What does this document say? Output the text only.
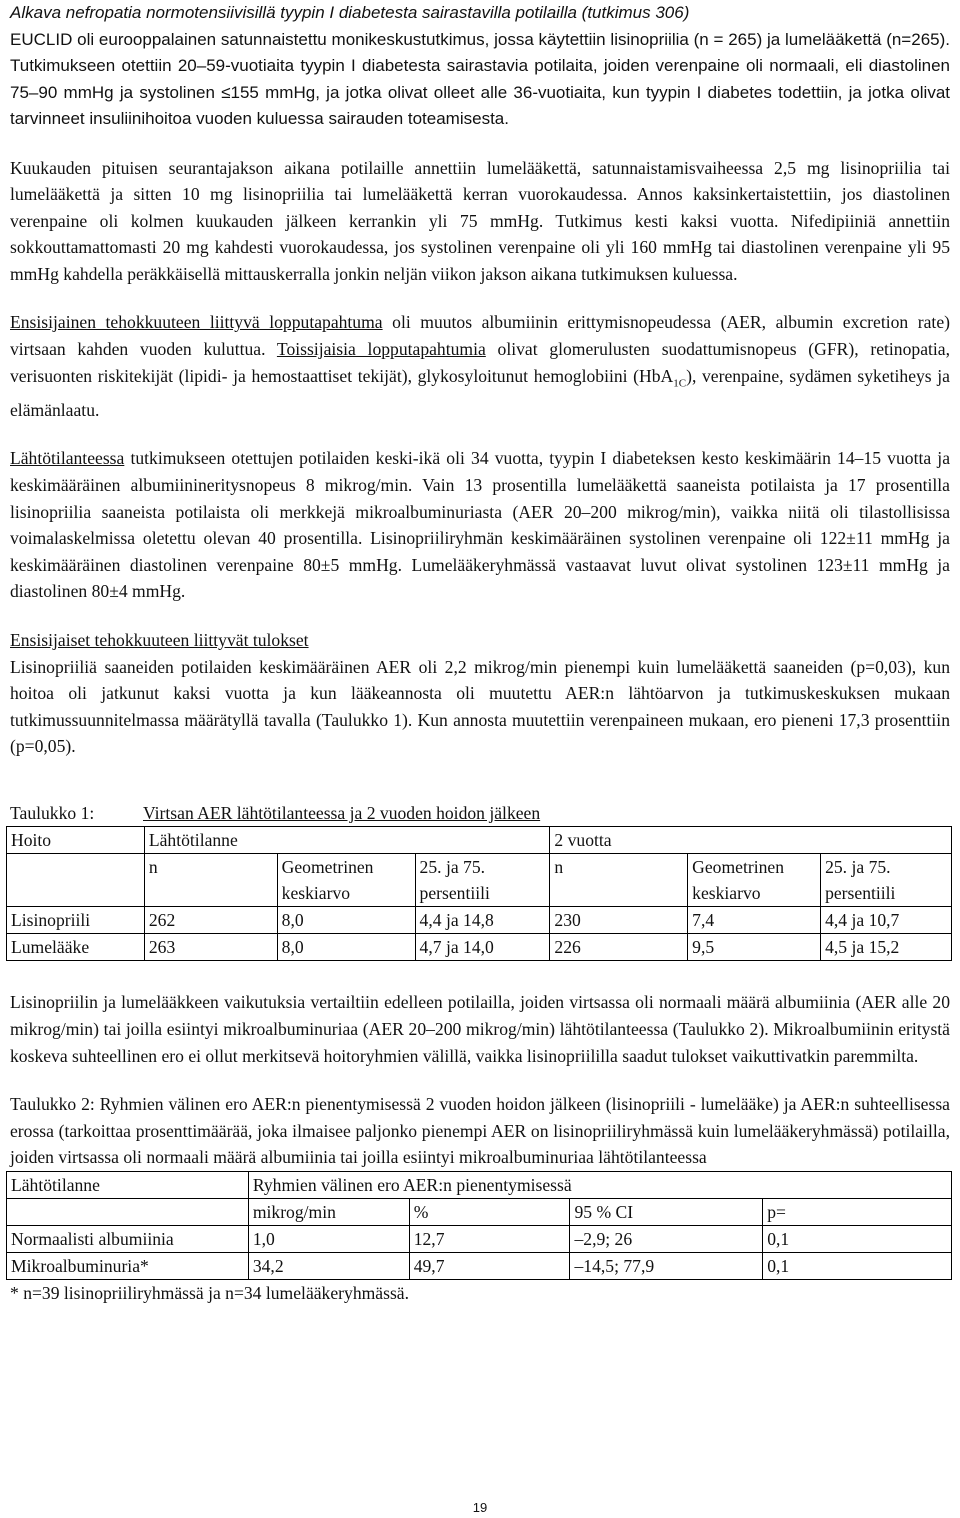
Alkava nefropatia normotensiivisillä tyypin I diabetesta sairastavilla potilailla (tutkimus 306)
EUCLID oli eurooppalainen satunnaistettu monikeskustutkimus, jossa käytettiin lisinopriilia (n = 265) ja lumelääkettä (n=265). Tutkimukseen otettiin 20–59-vuotiaita tyypin I diabetesta sairastavia potilaita, joiden verenpaine oli normaali, eli diastolinen 75–90 mmHg ja systolinen ≤155 mmHg, ja jotka olivat olleet alle 36-vuotiaita, kun tyypin I diabetes todettiin, ja jotka olivat tarvinneet insuliinihoitoa vuoden kuluessa sairauden toteamisesta.

Kuukauden pituisen seurantajakson aikana potilaille annettiin lumelääkettä, satunnaistamisvaiheessa 2,5 mg lisinopriilia tai lumelääkettä ja sitten 10 mg lisinopriilia tai lumelääkettä kerran vuorokaudessa. Annos kaksinkertaistettiin, jos diastolinen verenpaine oli kolmen kuukauden jälkeen kerrankin yli 75 mmHg. Tutkimus kesti kaksi vuotta. Nifedipiiniä annettiin sokkouttamattomasti 20 mg kahdesti vuorokaudessa, jos systolinen verenpaine oli yli 160 mmHg tai diastolinen verenpaine yli 95 mmHg kahdella peräkkäisellä mittauskerralla jonkin neljän viikon jakson aikana tutkimuksen kuluessa.

Ensisijainen tehokkuuteen liittyvä lopputapahtuma oli muutos albumiinin erittymisnopeudessa (AER, albumin excretion rate) virtsaan kahden vuoden kuluttua. Toissijaisia lopputapahtumia olivat glomerulusten suodattumisnopeus (GFR), retinopatia, verisuonten riskitekijät (lipidi- ja hemostaattiset tekijät), glykosyloitunut hemoglobiini (HbA$_{1C}$), verenpaine, sydämen syketiheys ja elämänlaatu.

Lähtötilanteessa tutkimukseen otettujen potilaiden keski-ikä oli 34 vuotta, tyypin I diabeteksen kesto keskimäärin 14–15 vuotta ja keskimääräinen albumiinineritysnopeus 8 mikrog/min. Vain 13 prosentilla lumelääkettä saaneista potilaista ja 17 prosentilla lisinopriilia saaneista potilaista oli merkkejä mikroalbuminuriasta (AER 20–200 mikrog/min), vaikka niitä oli tilastollisissa voimalaskelmissa oletettu olevan 40 prosentilla. Lisinopriiliryhmän keskimääräinen systolinen verenpaine oli 122±11 mmHg ja keskimääräinen diastolinen verenpaine 80±5 mmHg. Lumelääkeryhmässä vastaavat luvut olivat systolinen 123±11 mmHg ja diastolinen 80±4 mmHg.

Ensisijaiset tehokkuuteen liittyvät tulokset
Lisinopriiliä saaneiden potilaiden keskimääräinen AER oli 2,2 mikrog/min pienempi kuin lumelääkettä saaneiden (p=0,03), kun hoitoa oli jatkunut kaksi vuotta ja kun lääkeannosta oli muutettu AER:n lähtöarvon ja tutkimuskeskuksen mukaan tutkimussuunnitelmassa määrätyllä tavalla (Taulukko 1). Kun annosta muutettiin verenpaineen mukaan, ero pieneni 17,3 prosenttiin (p=0,05).

Taulukko 1:	Virtsan AER lähtötilanteessa ja 2 vuoden hoidon jälkeen
Hoito	Lähtötilanne			2 vuotta		
	n	Geometrinen keskiarvo	25. ja 75. persentiili	n	Geometrinen keskiarvo	25. ja 75. persentiili
Lisinopriili	262	8,0	4,4 ja 14,8	230	7,4	4,4 ja 10,7
Lumelääke	263	8,0	4,7 ja 14,0	226	9,5	4,5 ja 15,2

Lisinopriilin ja lumelääkkeen vaikutuksia vertailtiin edelleen potilailla, joiden virtsassa oli normaali määrä albumiinia (AER alle 20 mikrog/min) tai joilla esiintyi mikroalbuminuriaa (AER 20–200 mikrog/min) lähtötilanteessa (Taulukko 2). Mikroalbumiinin eritystä koskeva suhteellinen ero ei ollut merkitsevä hoitoryhmien välillä, vaikka lisinopriililla saadut tulokset vaikuttivatkin paremmilta.

Taulukko 2: Ryhmien välinen ero AER:n pienentymisessä 2 vuoden hoidon jälkeen (lisinopriili - lumelääke) ja AER:n suhteellisessa erossa (tarkoittaa prosenttimäärää, joka ilmaisee paljonko pienempi AER on lisinopriiliryhmässä kuin lumelääkeryhmässä) potilailla, joiden virtsassa oli normaali määrä albumiinia tai joilla esiintyi mikroalbuminuriaa lähtötilanteessa

Lähtötilanne	Ryhmien välinen ero AER:n pienentymisessä			
	mikrog/min	%	95 % CI	p=
Normaalisti albumiinia	1,0	12,7	–2,9; 26	0,1
Mikroalbuminuria*	34,2	49,7	–14,5; 77,9	0,1

* n=39 lisinopriiliryhmässä ja n=34 lumelääkeryhmässä.

19
